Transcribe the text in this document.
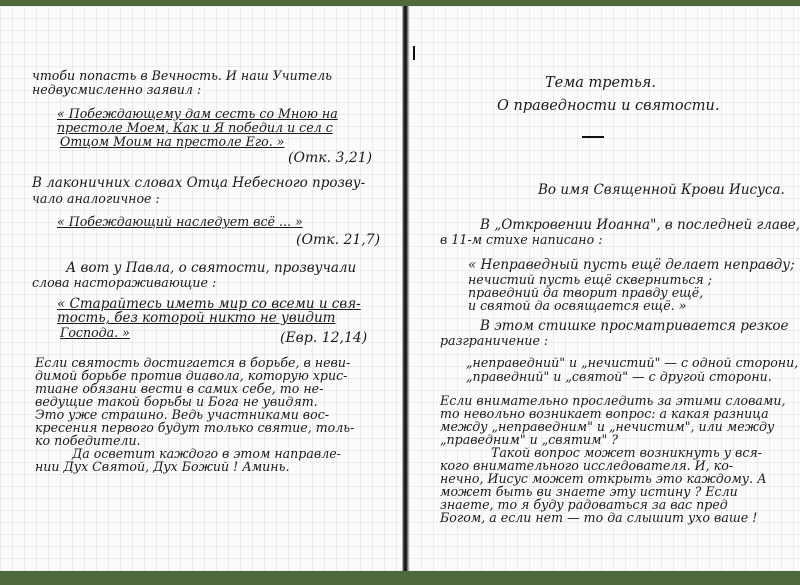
чтоби попасть в Вечность. И наш Учитель
недвусмисленно заявил :
« Побеждающему дам сесть со Мною на
престоле Моем, Как и Я победил и сел с
Отцом Моим на престоле Его. »
(Отк. 3,21)
В лаконичних словах Отца Небесного прозву-
чало аналогичное :
« Побеждающий наследует всё ... »
(Отк. 21,7)
А вот у Павла, о святости, прозвучали
слова настораживающие :
« Старайтесь иметь мир со всеми и свя-
тость, без которой никто не увидит
Господа. »	(Евр. 12,14)
Если святость достигается в борьбе, в неви-
димой борьбе против диавола, которую хрис-
тиане обязани вести в самих себе, то не-
ведущие такой борьбы и Бога не увидят.
Это уже страшно. Ведь участниками вос-
кресения первого будут только святие, толь-
ко победители.
Да осветит каждого в этом направле-
нии Дух Святой, Дух Божий ! Аминь.
Тема третья.
О праведности и святости.
Во имя Священной Крови Иисуса.
В „Откровении Иоанна", в последней главе,
в 11-м стихе написано :
« Неправедный пусть ещё делает неправду;
нечистий пусть ещё скверниться ;
праведний да творит правду ещё,
и святой да освящается ещё. »
В этом стишке просматривается резкое
разграничение :
„неправедний" и „нечистий" — с одной сторони,
„праведний" и „святой" — с другой сторони.
Если внимательно проследить за этими словами,
то невольно возникает вопрос: а какая разница
между „неправедним" и „нечистим", или между
„праведним" и „святим" ?
Такой вопрос может возникнуть у вся-
кого внимательного исследователя. И, ко-
нечно, Иисус может открыть это каждому. А
может быть ви знаете эту истину ? Если
знаете, то я буду радоваться за вас пред
Богом, а если нет — то да слышит ухо ваше !
